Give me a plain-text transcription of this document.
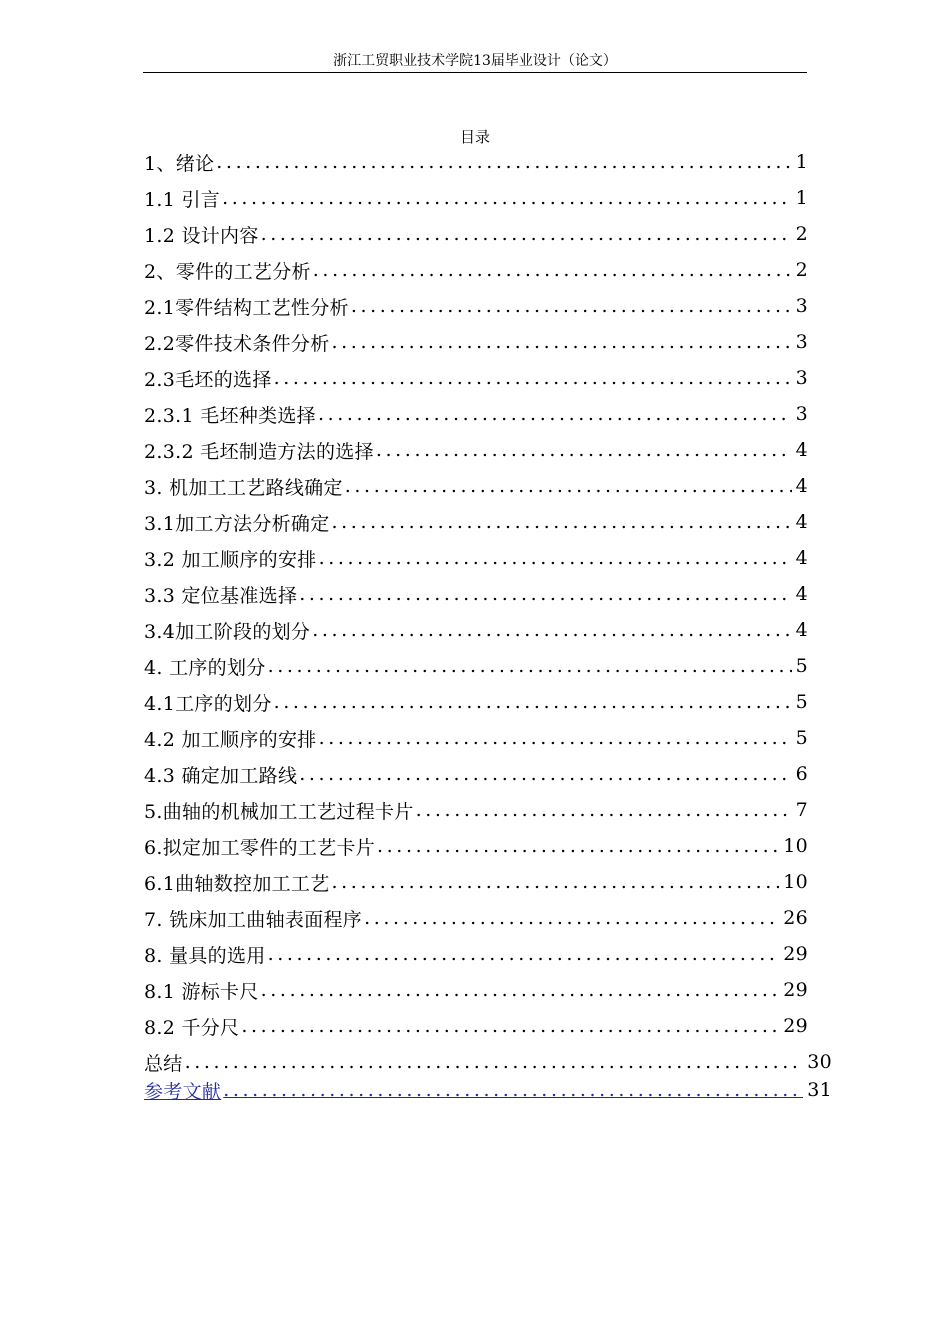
浙江工贸职业技术学院13届毕业设计（论文）
目录
1、绪论 .....	1
1.1 引言 .....	1
1.2 设计内容 .....	2
2、零件的工艺分析 .....	2
2.1零件结构工艺性分析 .....	3
2.2零件技术条件分析 .....	3
2.3毛坯的选择 .....	3
2.3.1 毛坯种类选择 .....	3
2.3.2 毛坯制造方法的选择 .....	4
3. 机加工工艺路线确定 .....	4
3.1加工方法分析确定 .....	4
3.2 加工顺序的安排 .....	4
3.3 定位基准选择 .....	4
3.4加工阶段的划分 .....	4
4. 工序的划分 .....	5
4.1工序的划分 .....	5
4.2 加工顺序的安排 .....	5
4.3 确定加工路线 .....	6
5.曲轴的机械加工工艺过程卡片 .....	7
6.拟定加工零件的工艺卡片 .....	10
6.1曲轴数控加工工艺 .....	10
7. 铣床加工曲轴表面程序 .....	26
8. 量具的选用 .....	29
8.1 游标卡尺 .....	29
8.2 千分尺 .....	29
总结 .....	30
参考文献 .....	31
